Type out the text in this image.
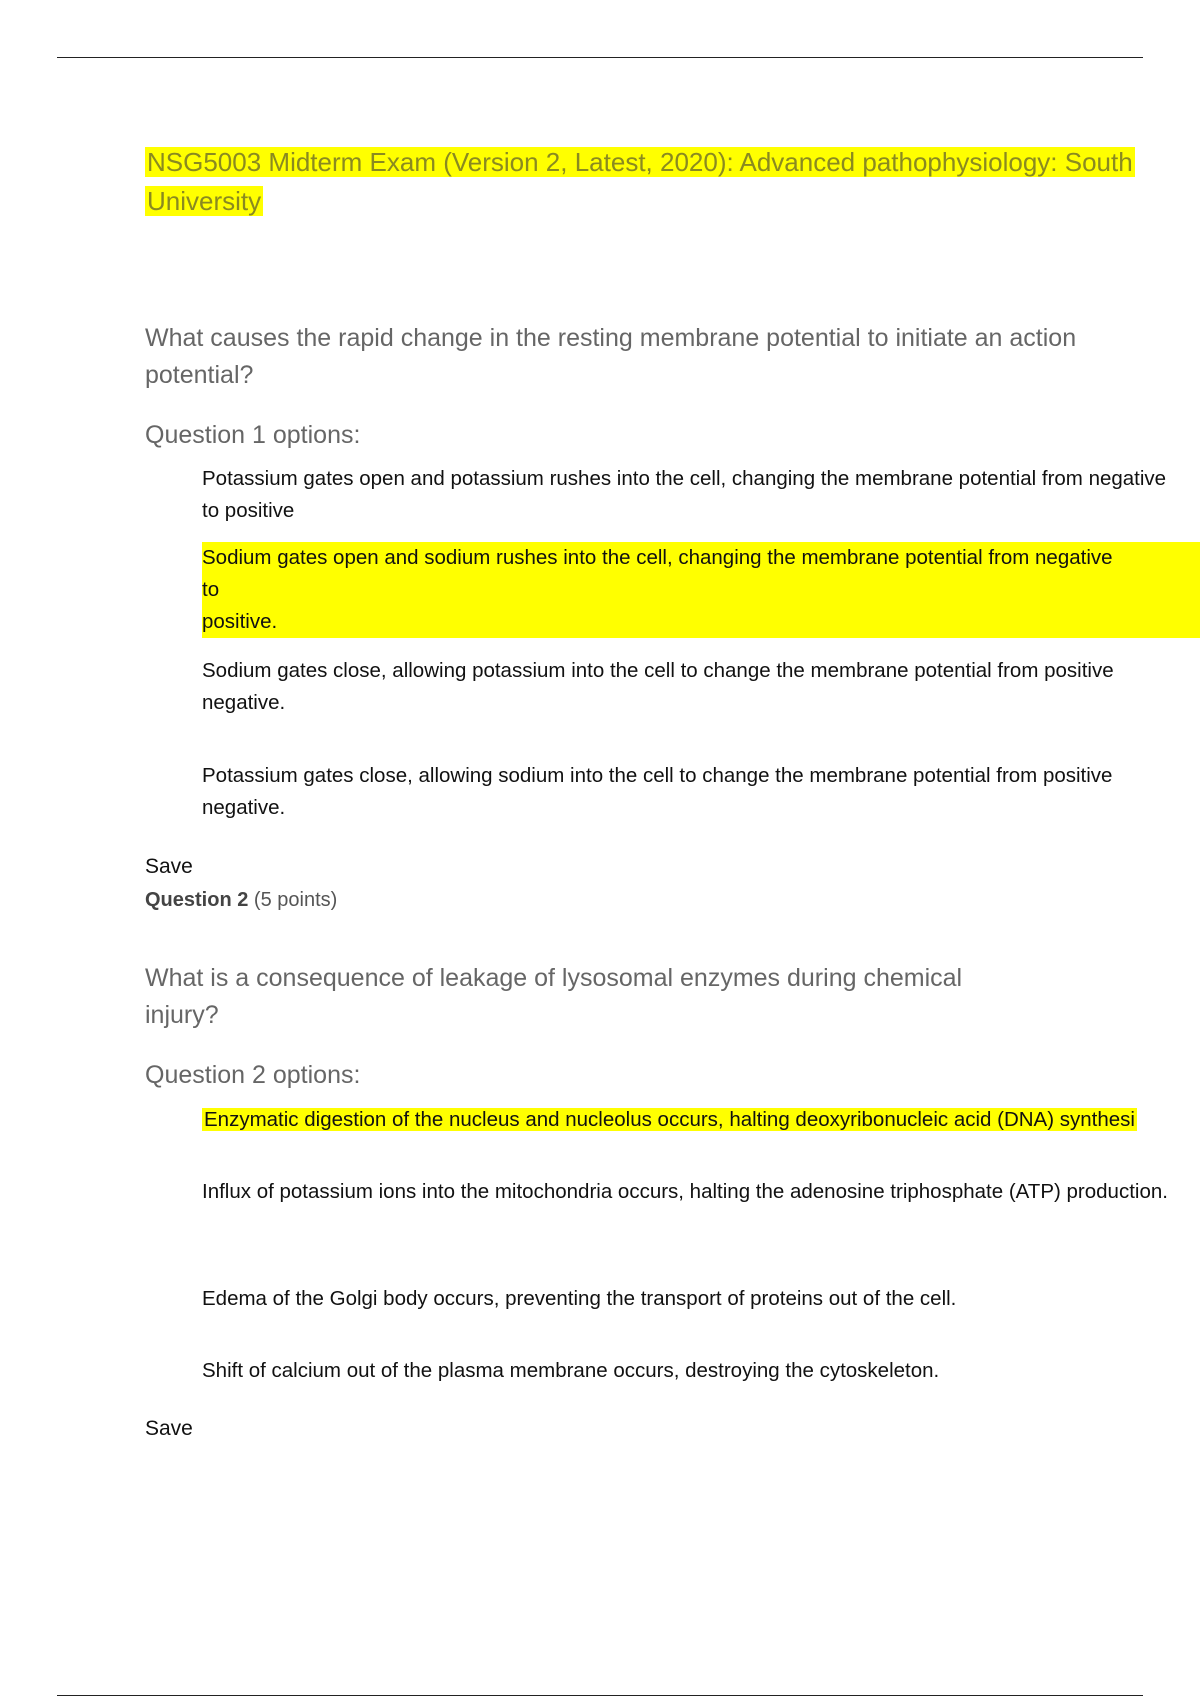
NSG5003 Midterm Exam (Version 2, Latest, 2020): Advanced pathophysiology: South University
What causes the rapid change in the resting membrane potential to initiate an action potential?
Question 1 options:
Potassium gates open and potassium rushes into the cell, changing the membrane potential from negative to positive
Sodium gates open and sodium rushes into the cell, changing the membrane potential from negative
to
positive.
Sodium gates close, allowing potassium into the cell to change the membrane potential from positive
negative.
Potassium gates close, allowing sodium into the cell to change the membrane potential from positive
negative.
Save
Question 2 (5 points)
What is a consequence of leakage of lysosomal enzymes during chemical injury?
Question 2 options:
Enzymatic digestion of the nucleus and nucleolus occurs, halting deoxyribonucleic acid (DNA) synthesi
Influx of potassium ions into the mitochondria occurs, halting the adenosine triphosphate (ATP) production.
Edema of the Golgi body occurs, preventing the transport of proteins out of the cell.
Shift of calcium out of the plasma membrane occurs, destroying the cytoskeleton.
Save
